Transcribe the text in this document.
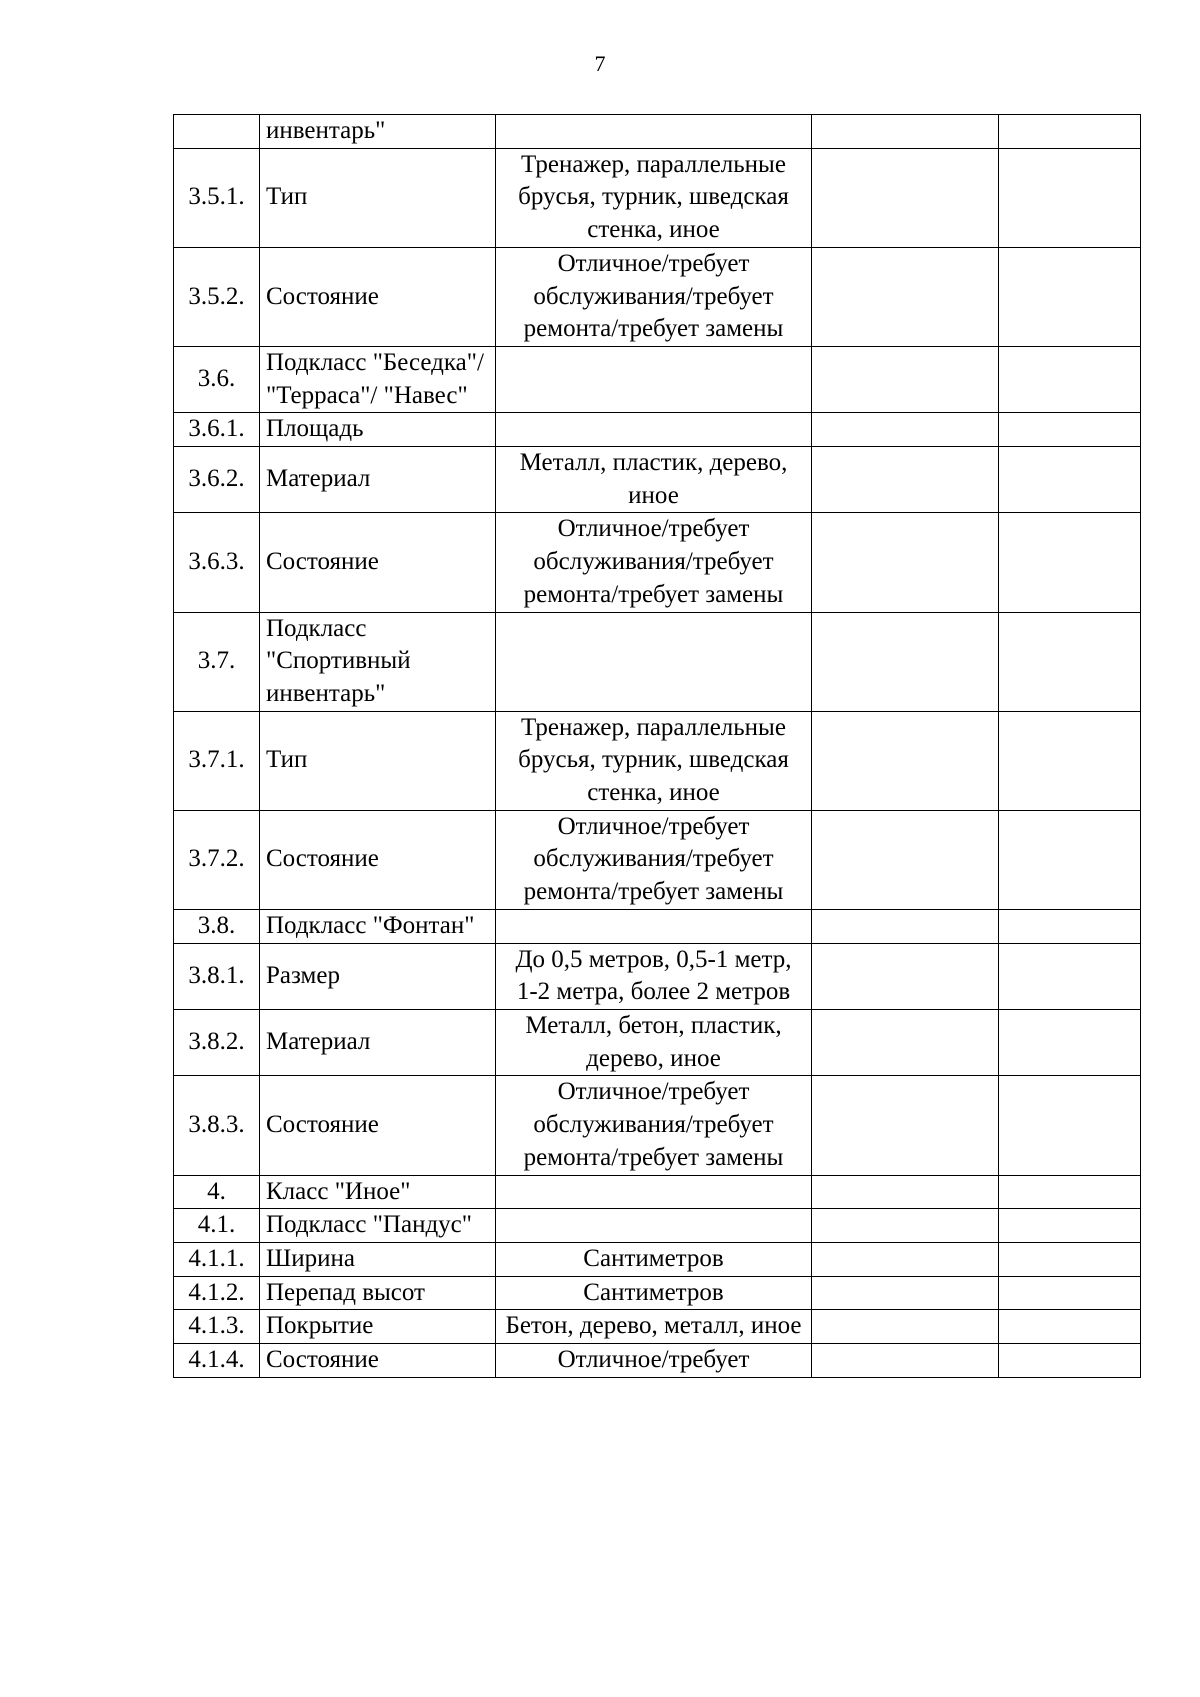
7
	инвентарь"			
3.5.1.	Тип	Тренажер, параллельные брусья, турник, шведская стенка, иное		
3.5.2.	Состояние	Отличное/требует обслуживания/требует ремонта/требует замены		
3.6.	Подкласс "Беседка"/ "Терраса"/ "Навес"			
3.6.1.	Площадь			
3.6.2.	Материал	Металл, пластик, дерево, иное		
3.6.3.	Состояние	Отличное/требует обслуживания/требует ремонта/требует замены		
3.7.	Подкласс "Спортивный инвентарь"			
3.7.1.	Тип	Тренажер, параллельные брусья, турник, шведская стенка, иное		
3.7.2.	Состояние	Отличное/требует обслуживания/требует ремонта/требует замены		
3.8.	Подкласс "Фонтан"			
3.8.1.	Размер	До 0,5 метров, 0,5-1 метр, 1-2 метра, более 2 метров		
3.8.2.	Материал	Металл, бетон, пластик, дерево, иное		
3.8.3.	Состояние	Отличное/требует обслуживания/требует ремонта/требует замены		
4.	Класс "Иное"			
4.1.	Подкласс "Пандус"			
4.1.1.	Ширина	Сантиметров		
4.1.2.	Перепад высот	Сантиметров		
4.1.3.	Покрытие	Бетон, дерево, металл, иное		
4.1.4.	Состояние	Отличное/требует		
